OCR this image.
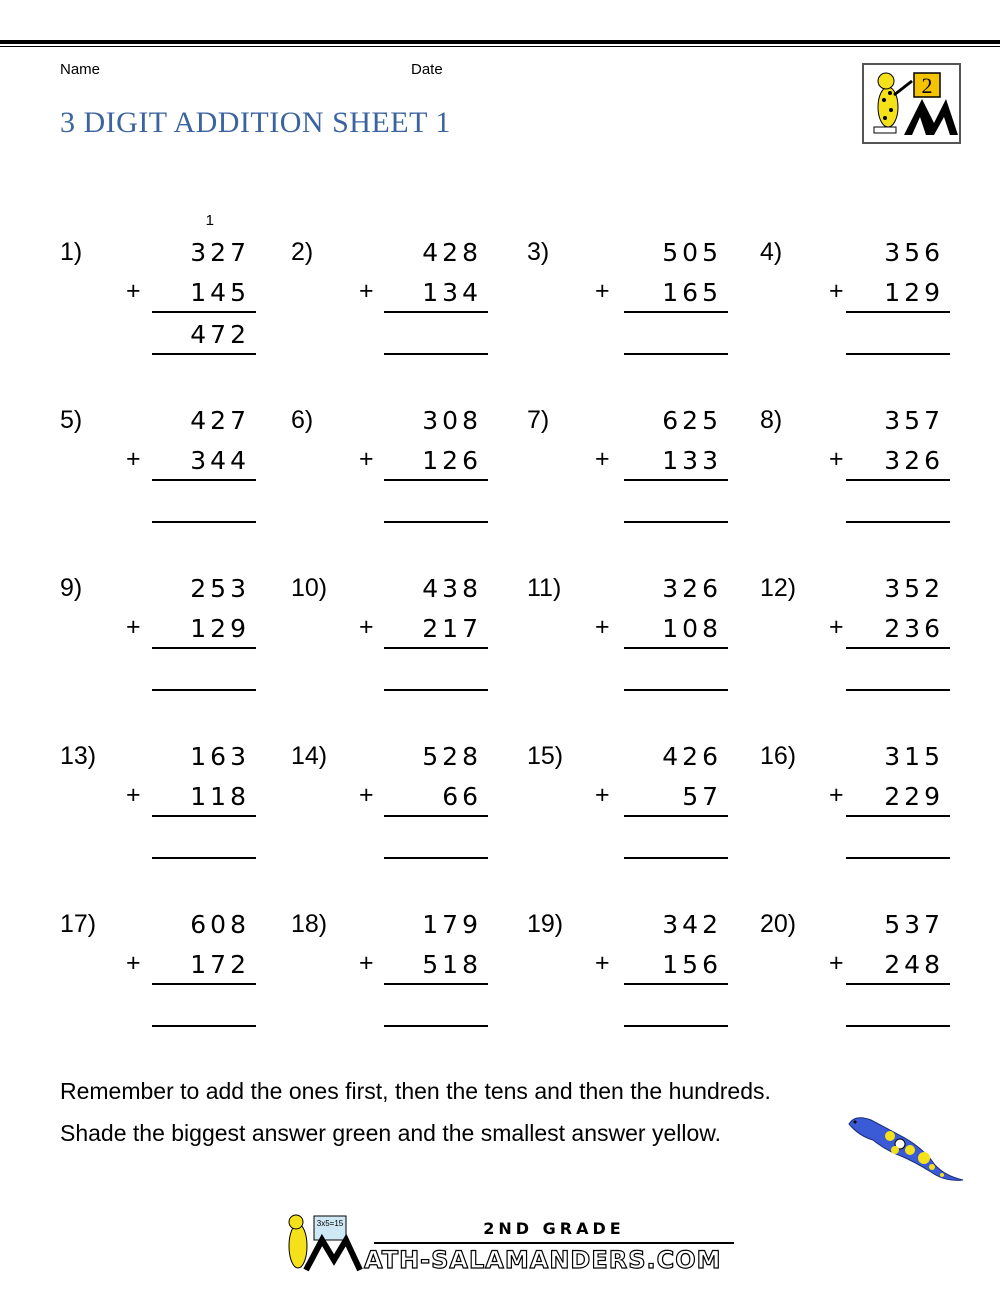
Name	Date
3 DIGIT ADDITION SHEET 1
2
1)
1
327
+	145
472
2)	428
+	134
3)	505
+	165
4)	356
+	129
5)	427
+	344
6)	308
+	126
7)	625
+	133
8)	357
+	326
9)	253
+	129
10)	438
+	217
11)	326
+	108
12)	352
+	236
13)	163
+	118
14)	528
+	66
15)	426
+	57
16)	315
+	229
17)	608
+	172
18)	179
+	518
19)	342
+	156
20)	537
+	248
Remember to add the ones first, then the tens and then the hundreds.
Shade the biggest answer green and the smallest answer yellow.
3x5=15	2ND GRADE
ATH-SALAMANDERS.COM
